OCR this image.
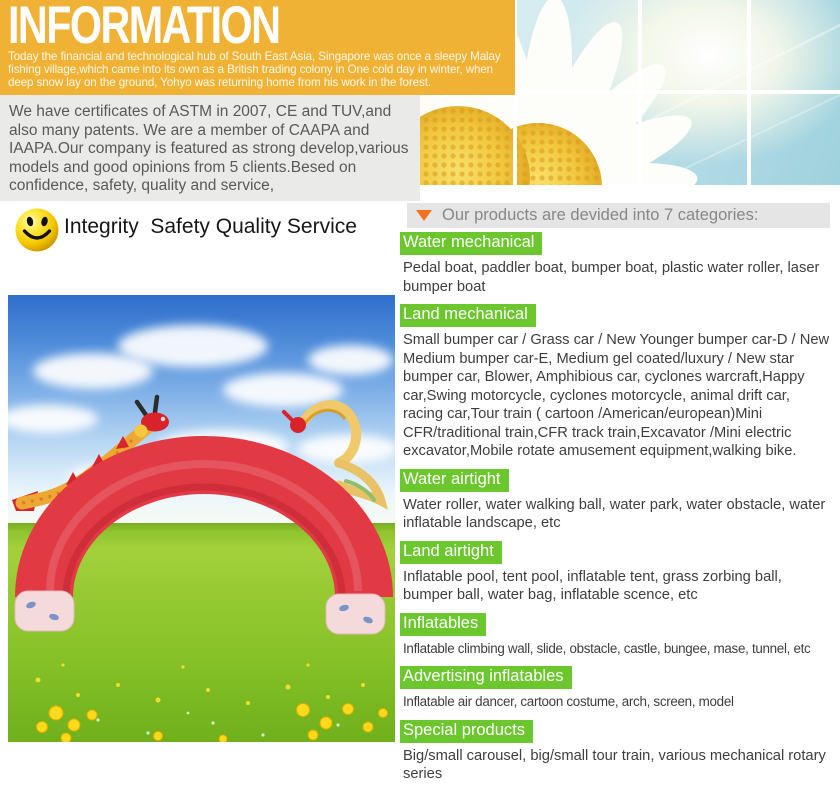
INFORMATION

Today the financial and technological hub of South East Asia, Singapore was once a sleepy Malay fishing village,which came into its own as a British trading colony in One cold day in winter, when deep snow lay on the ground, Yohyo was returning home from his work in the forest.

We have certificates of ASTM in 2007, CE and TUV,and also many patents. We are a member of CAAPA and IAAPA.Our company is featured as strong develop,various models and good opinions from 5 clients.Besed on confidence, safety, quality and service,

Integrity  Safety Quality Service	Our products are devided into 7 categories:
Water mechanical

Pedal boat, paddler boat, bumper boat, plastic water roller, laser bumper boat

Land mechanical

Small bumper car / Grass car / New Younger bumper car-D / New Medium bumper car-E, Medium gel coated/luxury / New star bumper car, Blower, Amphibious car, cyclones warcraft,Happy car,Swing motorcycle, cyclones motorcycle, animal drift car, racing car,Tour train ( cartoon /American/european)Mini CFR/traditional train,CFR track train,Excavator /Mini electric excavator,Mobile rotate amusement equipment,walking bike.

Water airtight

Water roller, water walking ball, water park, water obstacle, water inflatable landscape, etc

Land airtight

Inflatable pool, tent pool, inflatable tent, grass zorbing ball, bumper ball, water bag, inflatable scence, etc

Inflatables

Inflatable climbing wall, slide, obstacle, castle, bungee, mase, tunnel, etc

Advertising inflatables

Inflatable air dancer, cartoon costume, arch, screen, model

Special products

Big/small carousel, big/small tour train, various mechanical rotary series
